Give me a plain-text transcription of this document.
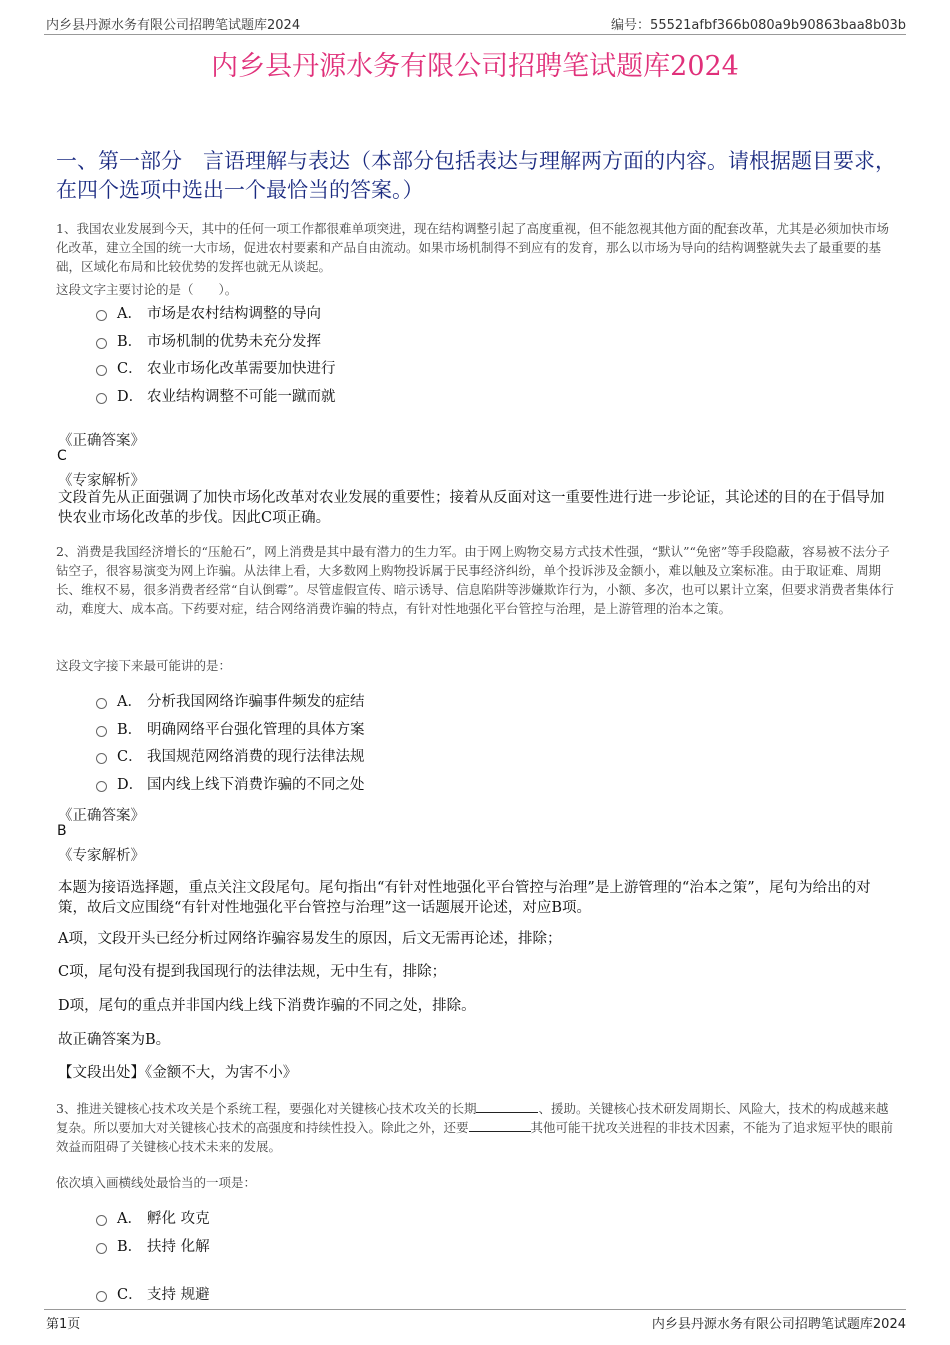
内乡县丹源水务有限公司招聘笔试题库2024	编号：55521afbf366b080a9b90863baa8b03b
内乡县丹源水务有限公司招聘笔试题库2024
一、第一部分　言语理解与表达（本部分包括表达与理解两方面的内容。请根据题目要求，在四个选项中选出一个最恰当的答案。）
1、我国农业发展到今天，其中的任何一项工作都很难单项突进，现在结构调整引起了高度重视，但不能忽视其他方面的配套改革，尤其是必须加快市场化改革，建立全国的统一大市场，促进农村要素和产品自由流动。如果市场机制得不到应有的发育，那么以市场为导向的结构调整就失去了最重要的基础，区域化布局和比较优势的发挥也就无从谈起。
这段文字主要讨论的是（　　）。
A． 市场是农村结构调整的导向
B． 市场机制的优势未充分发挥
C． 农业市场化改革需要加快进行
D． 农业结构调整不可能一蹴而就
《正确答案》
C
《专家解析》
文段首先从正面强调了加快市场化改革对农业发展的重要性；接着从反面对这一重要性进行进一步论证，其论述的目的在于倡导加快农业市场化改革的步伐。因此C项正确。
2、消费是我国经济增长的“压舱石”，网上消费是其中最有潜力的生力军。由于网上购物交易方式技术性强，“默认”“免密”等手段隐蔽，容易被不法分子钻空子，很容易演变为网上诈骗。从法律上看，大多数网上购物投诉属于民事经济纠纷，单个投诉涉及金额小，难以触及立案标准。由于取证难、周期长、维权不易，很多消费者经常“自认倒霉”。尽管虚假宣传、暗示诱导、信息陷阱等涉嫌欺诈行为，小额、多次，也可以累计立案，但要求消费者集体行动，难度大、成本高。下药要对症，结合网络消费诈骗的特点，有针对性地强化平台管控与治理，是上游管理的治本之策。
这段文字接下来最可能讲的是：
A． 分析我国网络诈骗事件频发的症结
B． 明确网络平台强化管理的具体方案
C． 我国规范网络消费的现行法律法规
D． 国内线上线下消费诈骗的不同之处
《正确答案》
B
《专家解析》
本题为接语选择题，重点关注文段尾句。尾句指出“有针对性地强化平台管控与治理”是上游管理的“治本之策”，尾句为给出的对策，故后文应围绕“有针对性地强化平台管控与治理”这一话题展开论述，对应B项。
A项，文段开头已经分析过网络诈骗容易发生的原因，后文无需再论述，排除；
C项，尾句没有提到我国现行的法律法规，无中生有，排除；
D项，尾句的重点并非国内线上线下消费诈骗的不同之处，排除。
故正确答案为B。
【文段出处】《金额不大，为害不小》
3、推进关键核心技术攻关是个系统工程，要强化对关键核心技术攻关的长期	、援助。关键核心技术研发周期长、风险大，技术的构成越来越复杂。所以要加大对关键核心技术的高强度和持续性投入。除此之外，还要	其他可能干扰攻关进程的非技术因素，不能为了追求短平快的眼前效益而阻碍了关键核心技术未来的发展。
依次填入画横线处最恰当的一项是：
A． 孵化 攻克
B． 扶持 化解
C． 支持 规避
第1页	内乡县丹源水务有限公司招聘笔试题库2024
